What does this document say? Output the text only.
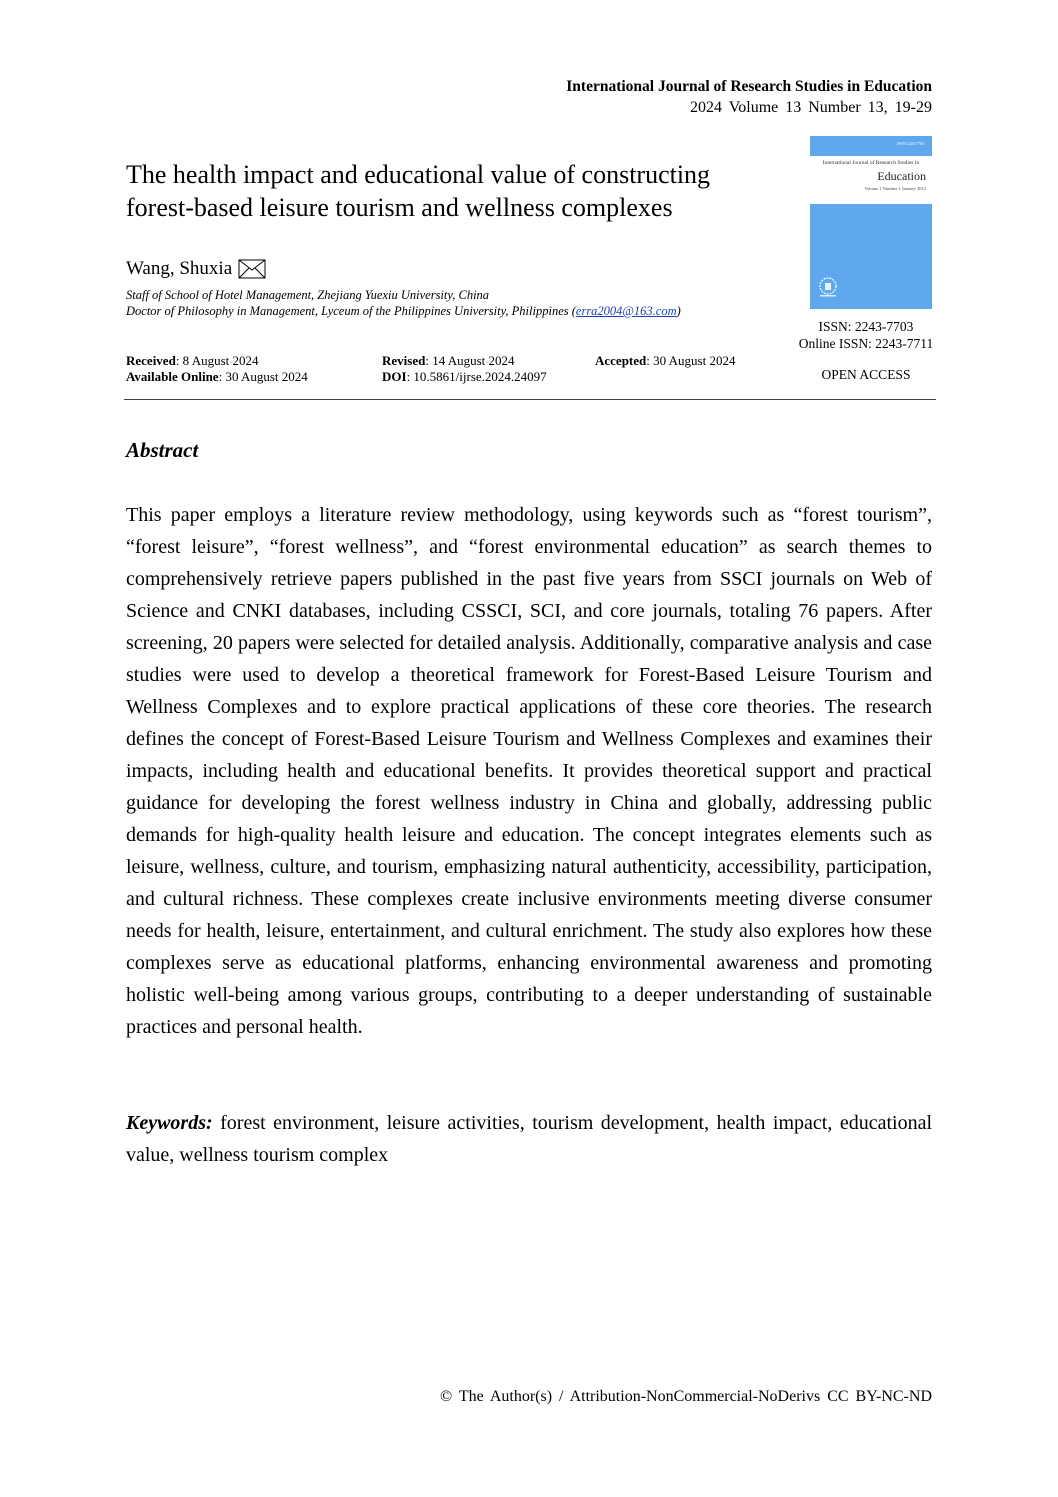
International Journal of Research Studies in Education
2024 Volume 13 Number 13, 19-29
The health impact and educational value of constructing
forest-based leisure tourism and wellness complexes
Wang, Shuxia
Staff of School of Hotel Management, Zhejiang Yuexiu University, China
Doctor of Philosophy in Management, Lyceum of the Philippines University, Philippines (erra2004@163.com)
Received: 8 August 2024	Revised: 14 August 2024	Accepted: 30 August 2024
Available Online: 30 August 2024	DOI: 10.5861/ijrse.2024.24097
ISSN 2243-7703
International Journal of Research Studies in
Education
Volume 1 Number 1 January 2012
ISSN: 2243-7703
Online ISSN: 2243-7711
OPEN ACCESS
Abstract
This paper employs a literature review methodology, using keywords such as “forest tourism”, “forest leisure”, “forest wellness”, and “forest environmental education” as search themes to comprehensively retrieve papers published in the past five years from SSCI journals on Web of Science and CNKI databases, including CSSCI, SCI, and core journals, totaling 76 papers. After screening, 20 papers were selected for detailed analysis. Additionally, comparative analysis and case studies were used to develop a theoretical framework for Forest-Based Leisure Tourism and Wellness Complexes and to explore practical applications of these core theories. The research defines the concept of Forest-Based Leisure Tourism and Wellness Complexes and examines their impacts, including health and educational benefits. It provides theoretical support and practical guidance for developing the forest wellness industry in China and globally, addressing public demands for high-quality health leisure and education. The concept integrates elements such as leisure, wellness, culture, and tourism, emphasizing natural authenticity, accessibility, participation, and cultural richness. These complexes create inclusive environments meeting diverse consumer needs for health, leisure, entertainment, and cultural enrichment. The study also explores how these complexes serve as educational platforms, enhancing environmental awareness and promoting holistic well-being among various groups, contributing to a deeper understanding of sustainable practices and personal health.
Keywords: forest environment, leisure activities, tourism development, health impact, educational value, wellness tourism complex
© The Author(s) / Attribution-NonCommercial-NoDerivs CC BY-NC-ND
